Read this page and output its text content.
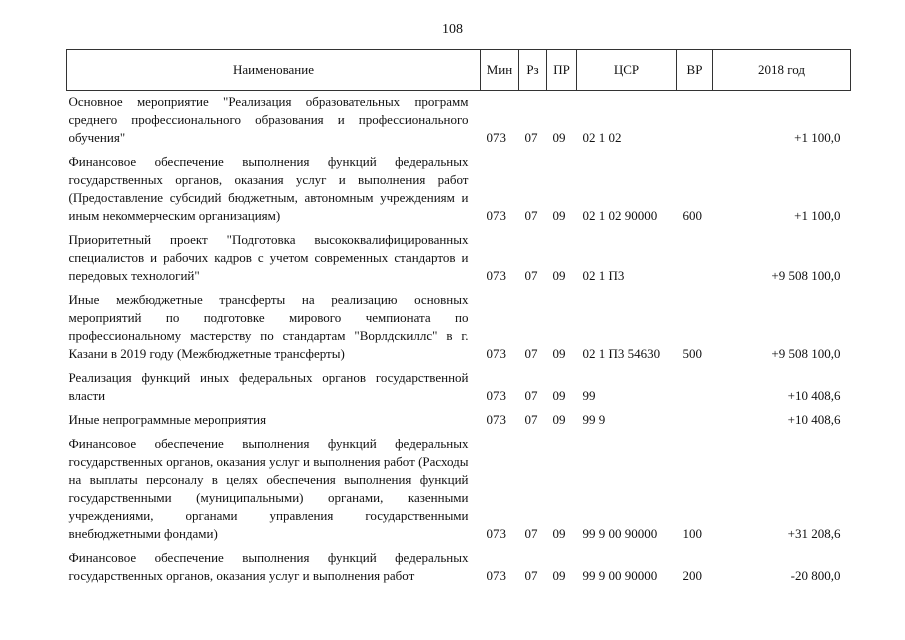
108
Наименование	Мин	Рз	ПР	ЦСР	ВР	2018 год
Основное мероприятие "Реализация образовательных программ среднего профессионального образования и профессионального обучения"	073	07	09	02 1 02		+1 100,0
Финансовое обеспечение выполнения функций федеральных государственных органов, оказания услуг и выполнения работ (Предоставление субсидий бюджетным, автономным учреждениям и иным некоммерческим организациям)	073	07	09	02 1 02 90000	600	+1 100,0
Приоритетный проект "Подготовка высококвалифицированных специалистов и рабочих кадров с учетом современных стандартов и передовых технологий"	073	07	09	02 1 П3		+9 508 100,0
Иные межбюджетные трансферты на реализацию основных мероприятий по подготовке мирового чемпионата по профессиональному мастерству по стандартам "Ворлдскиллс" в г. Казани в 2019 году (Межбюджетные трансферты)	073	07	09	02 1 П3 54630	500	+9 508 100,0
Реализация функций иных федеральных органов государственной власти	073	07	09	99		+10 408,6
Иные непрограммные мероприятия	073	07	09	99 9		+10 408,6
Финансовое обеспечение выполнения функций федеральных государственных органов, оказания услуг и выполнения работ (Расходы на выплаты персоналу в целях обеспечения выполнения функций государственными (муниципальными) органами, казенными учреждениями, органами управления государственными внебюджетными фондами)	073	07	09	99 9 00 90000	100	+31 208,6
Финансовое обеспечение выполнения функций федеральных государственных органов, оказания услуг и выполнения работ	073	07	09	99 9 00 90000	200	-20 800,0
